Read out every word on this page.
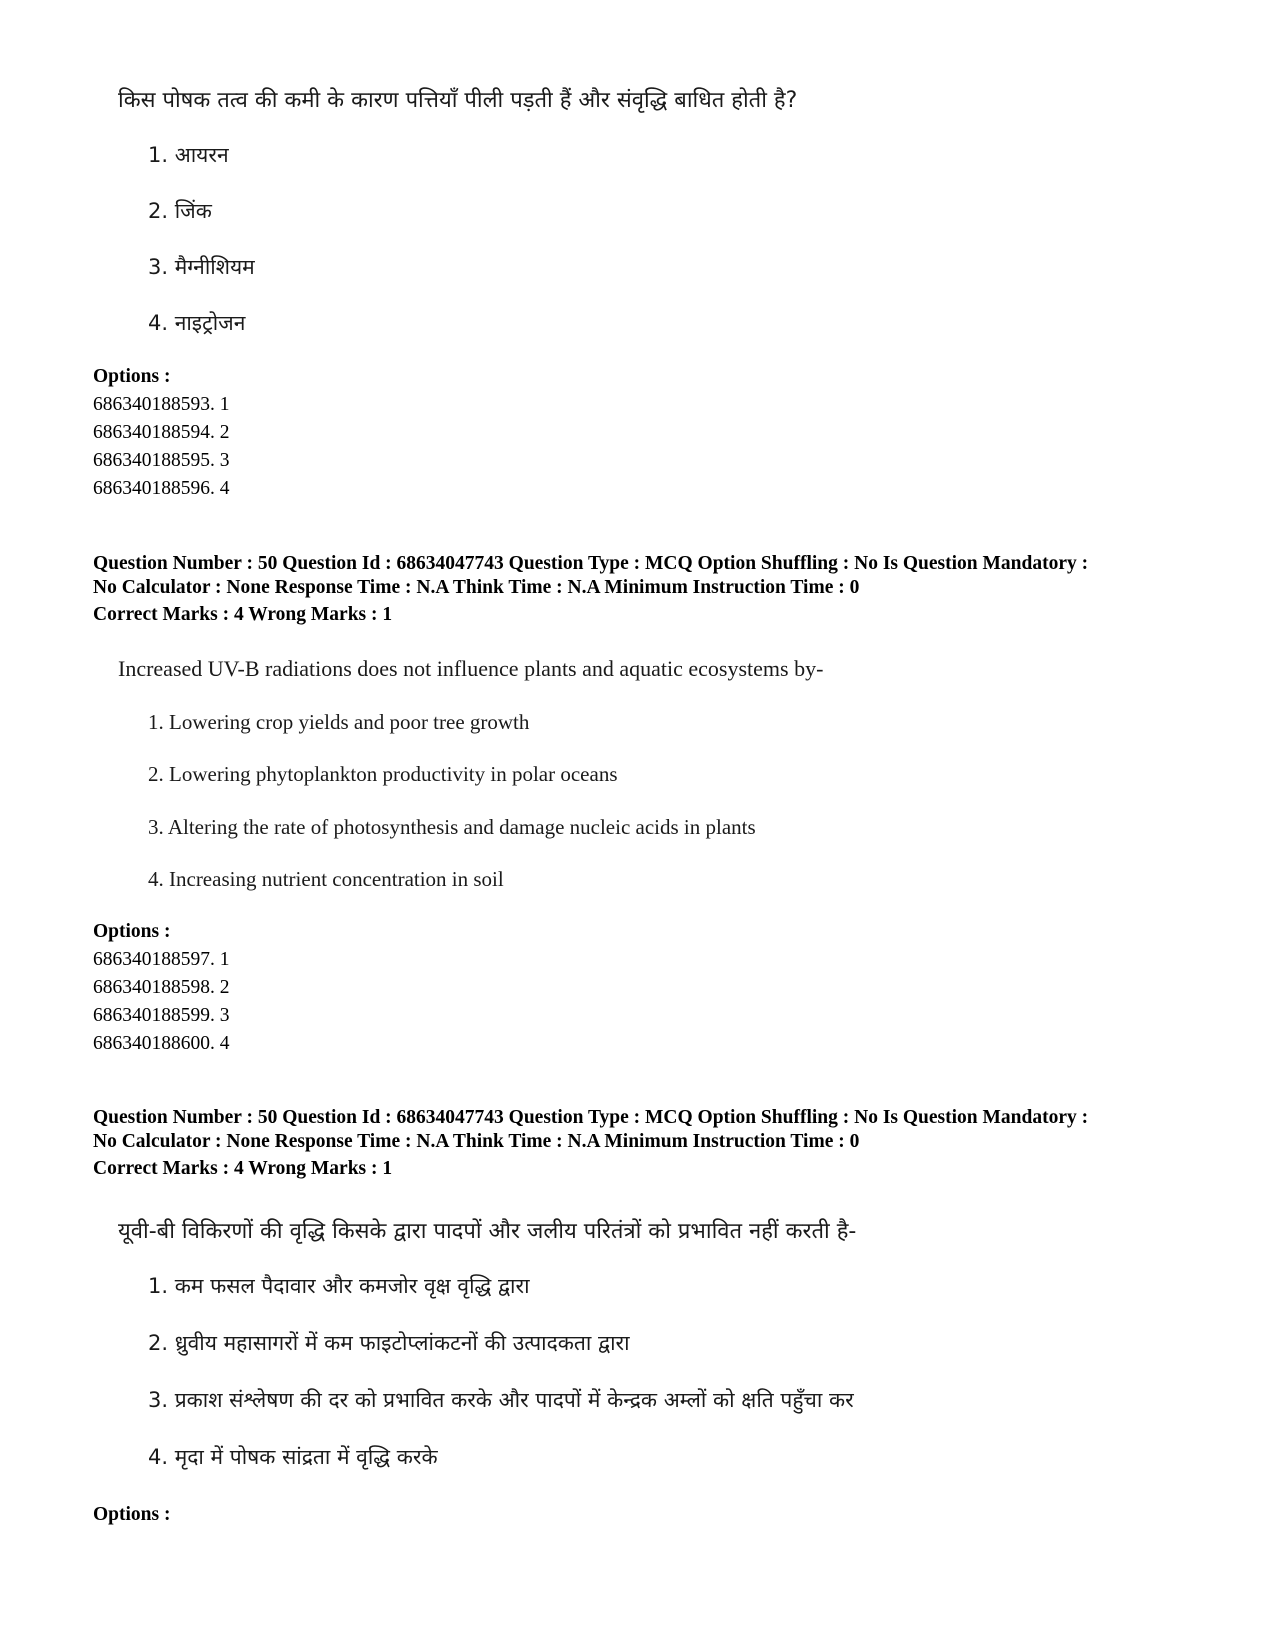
किस पोषक तत्व की कमी के कारण पत्तियाँ पीली पड़ती हैं और संवृद्धि बाधित होती है?
1. आयरन
2. जिंक
3. मैग्नीशियम
4. नाइट्रोजन
Options :
686340188593. 1
686340188594. 2
686340188595. 3
686340188596. 4
Question Number : 50 Question Id : 68634047743 Question Type : MCQ Option Shuffling : No Is Question Mandatory :
No Calculator : None Response Time : N.A Think Time : N.A Minimum Instruction Time : 0
Correct Marks : 4 Wrong Marks : 1
Increased UV-B radiations does not influence plants and aquatic ecosystems by-
1. Lowering crop yields and poor tree growth
2. Lowering phytoplankton productivity in polar oceans
3. Altering the rate of photosynthesis and damage nucleic acids in plants
4. Increasing nutrient concentration in soil
Options :
686340188597. 1
686340188598. 2
686340188599. 3
686340188600. 4
Question Number : 50 Question Id : 68634047743 Question Type : MCQ Option Shuffling : No Is Question Mandatory :
No Calculator : None Response Time : N.A Think Time : N.A Minimum Instruction Time : 0
Correct Marks : 4 Wrong Marks : 1
यूवी-बी विकिरणों की वृद्धि किसके द्वारा पादपों और जलीय परितंत्रों को प्रभावित नहीं करती है-
1. कम फसल पैदावार और कमजोर वृक्ष वृद्धि द्वारा
2. ध्रुवीय महासागरों में कम फाइटोप्लांकटनों की उत्पादकता द्वारा
3. प्रकाश संश्लेषण की दर को प्रभावित करके और पादपों में केन्द्रक अम्लों को क्षति पहुँचा कर
4. मृदा में पोषक सांद्रता में वृद्धि करके
Options :
